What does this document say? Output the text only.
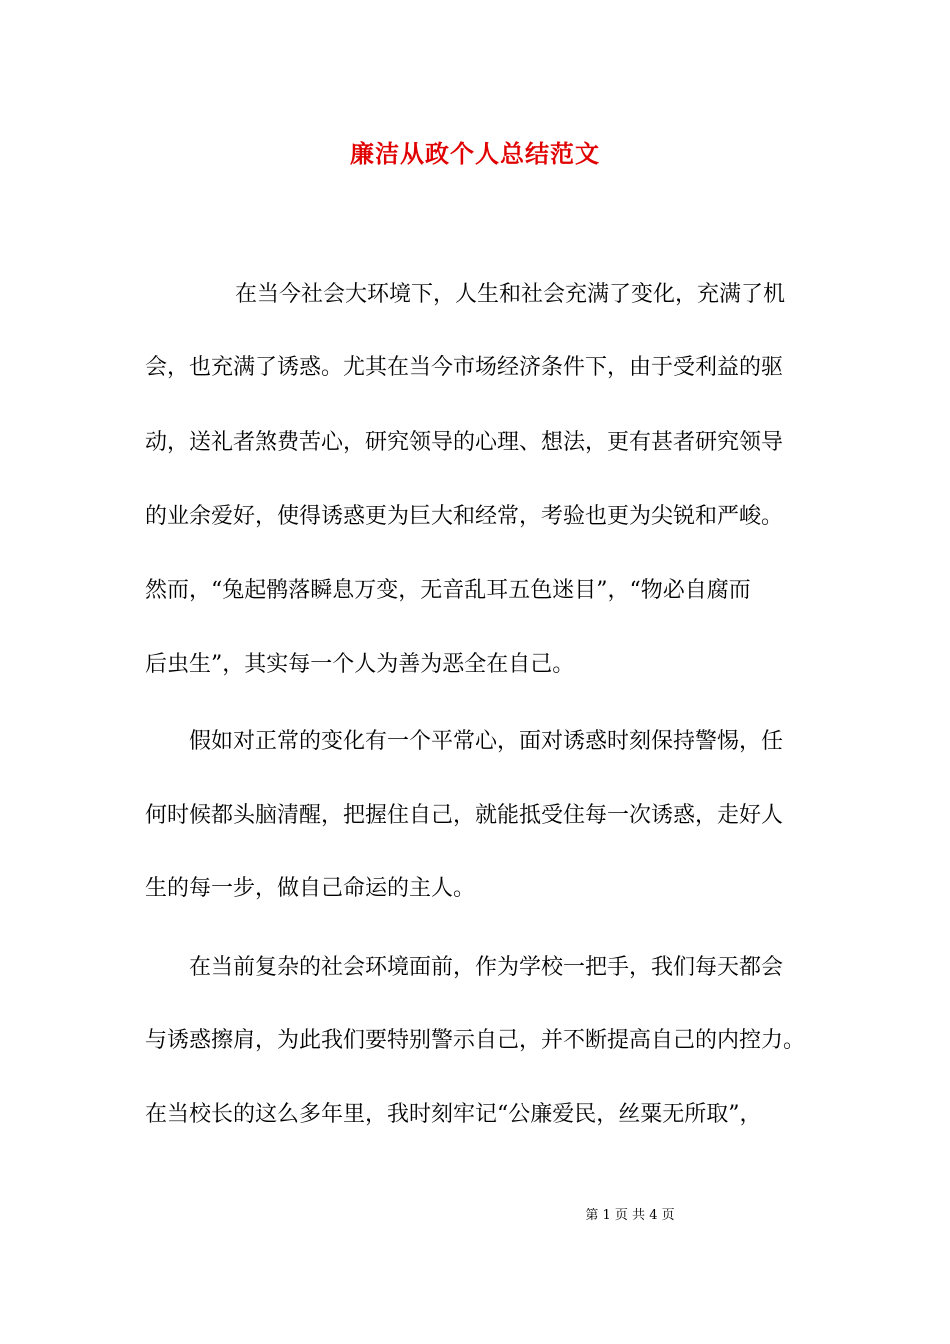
廉洁从政个人总结范文
在当今社会大环境下，人生和社会充满了变化，充满了机
会，也充满了诱惑。尤其在当今市场经济条件下，由于受利益的驱
动，送礼者煞费苦心，研究领导的心理、想法，更有甚者研究领导
的业余爱好，使得诱惑更为巨大和经常，考验也更为尖锐和严峻。
然而，“兔起鹘落瞬息万变，无音乱耳五色迷目”，“物必自腐而
后虫生”，其实每一个人为善为恶全在自己。
假如对正常的变化有一个平常心，面对诱惑时刻保持警惕，任
何时候都头脑清醒，把握住自己，就能抵受住每一次诱惑，走好人
生的每一步，做自己命运的主人。
在当前复杂的社会环境面前，作为学校一把手，我们每天都会
与诱惑擦肩，为此我们要特别警示自己，并不断提高自己的内控力。
在当校长的这么多年里，我时刻牢记“公廉爱民，丝粟无所取”，
第 1 页 共 4 页
